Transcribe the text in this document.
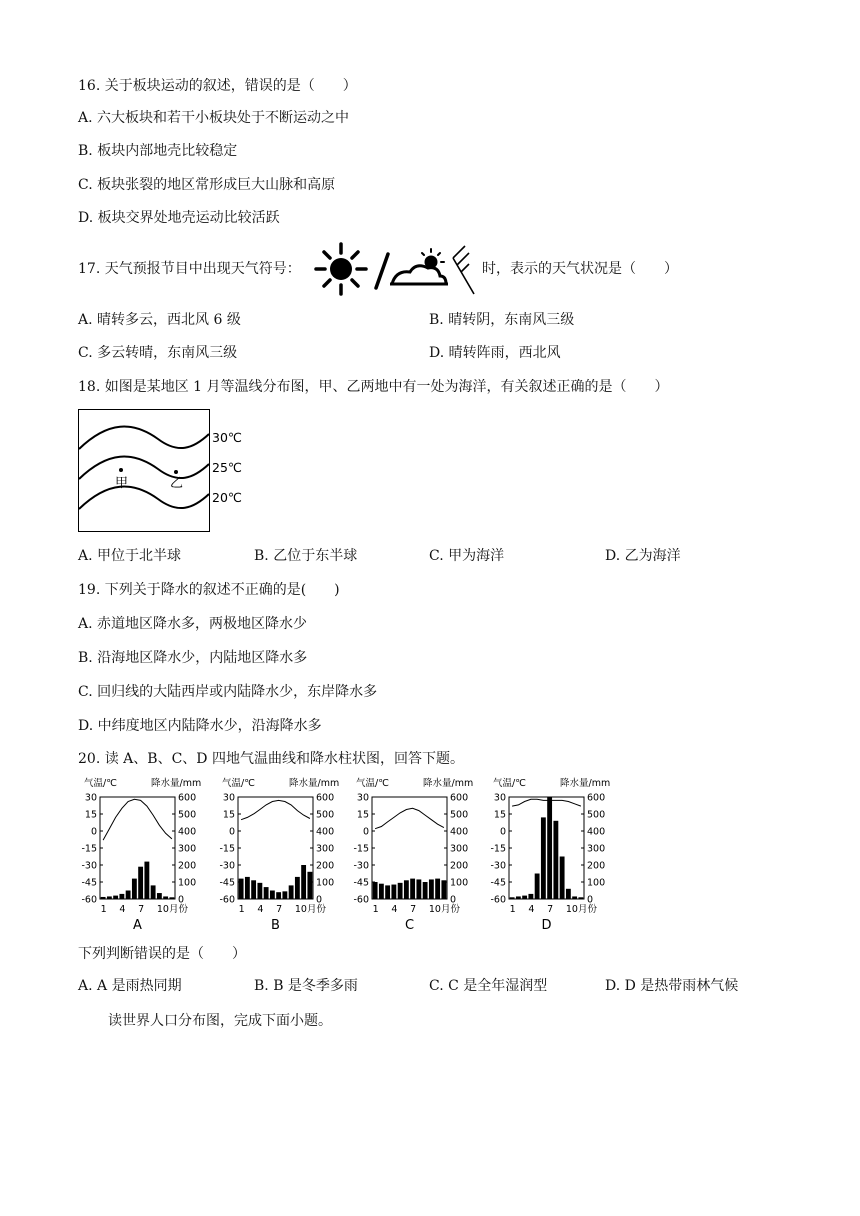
16. 关于板块运动的叙述，错误的是（　　）
A. 六大板块和若干小板块处于不断运动之中
B. 板块内部地壳比较稳定
C. 板块张裂的地区常形成巨大山脉和高原
D. 板块交界处地壳运动比较活跃
17. 天气预报节目中出现天气符号：	时，表示的天气状况是（　　）
A. 晴转多云，西北风 6 级	B. 晴转阴，东南风三级
C. 多云转晴，东南风三级	D. 晴转阵雨，西北风
18. 如图是某地区 1 月等温线分布图，甲、乙两地中有一处为海洋，有关叙述正确的是（　　）
甲	乙
30℃
25℃
20℃
A. 甲位于北半球	B. 乙位于东半球	C. 甲为海洋	D. 乙为海洋
19. 下列关于降水的叙述不正确的是(　　)
A. 赤道地区降水多，两极地区降水少
B. 沿海地区降水少，内陆地区降水多
C. 回归线的大陆西岸或内陆降水少，东岸降水多
D. 中纬度地区内陆降水少，沿海降水多
20. 读 A、B、C、D 四地气温曲线和降水柱状图，回答下题。
气温/℃	降水量/mm
30
15
0
-15
-30
-45
-60
600
500
400
300
200
100
0
1 4 7 10月份
A
气温/℃	降水量/mm
30
15
0
-15
-30
-45
-60
600
500
400
300
200
100
0
1 4 7 10月份
B
气温/℃	降水量/mm
30
15
0
-15
-30
-45
-60
600
500
400
300
200
100
0
1 4 7 10月份
C
气温/℃	降水量/mm
30
15
0
-15
-30
-45
-60
600
500
400
300
200
100
0
1 4 7 10月份
D
下列判断错误的是（　　）
A. A 是雨热同期	B. B 是冬季多雨	C. C 是全年湿润型	D. D 是热带雨林气候
读世界人口分布图，完成下面小题。
